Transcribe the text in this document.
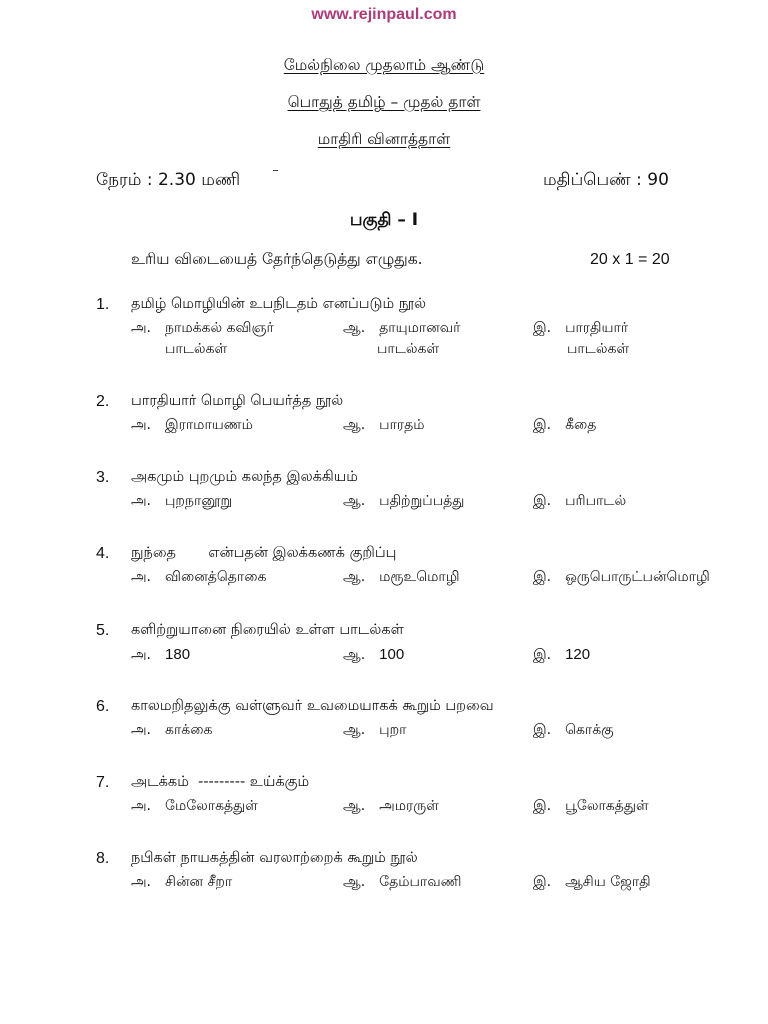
www.rejinpaul.com
மேல்நிலை முதலாம் ஆண்டு
பொதுத் தமிழ் – முதல் தாள்
மாதிரி வினாத்தாள்
நேரம் : 2.30 மணி	மதிப்பெண் : 90
பகுதி – I
உரிய விடையைத் தேர்ந்தெடுத்து எழுதுக.	20 x 1 = 20
1. தமிழ் மொழியின் உபநிடதம் எனப்படும் நூல்
அ. நாமக்கல் கவிஞர்
பாடல்கள்
ஆ. தாயுமானவர்
பாடல்கள்
இ. பாரதியார்
பாடல்கள்
2. பாரதியார் மொழி பெயர்த்த நூல்
அ. இராமாயணம்	ஆ. பாரதம்	இ. கீதை
3. அகமும் புறமும் கலந்த இலக்கியம்
அ. புறநானூறு	ஆ. பதிற்றுப்பத்து	இ. பரிபாடல்
4. நுந்தை       என்பதன் இலக்கணக் குறிப்பு
அ. வினைத்தொகை	ஆ. மரூஉமொழி	இ. ஒருபொருட்பன்மொழி
5. களிற்றுயானை நிரையில் உள்ள பாடல்கள்
அ. 180	ஆ. 100	இ. 120
6. காலமறிதலுக்கு வள்ளுவர் உவமையாகக் கூறும் பறவை
அ. காக்கை	ஆ. புறா	இ. கொக்கு
7. அடக்கம்  --------- உய்க்கும்
அ. மேலோகத்துள்	ஆ. அமரருள்	இ. பூலோகத்துள்
8. நபிகள் நாயகத்தின் வரலாற்றைக் கூறும் நூல்
அ. சின்ன சீறா	ஆ. தேம்பாவணி	இ. ஆசிய ஜோதி
